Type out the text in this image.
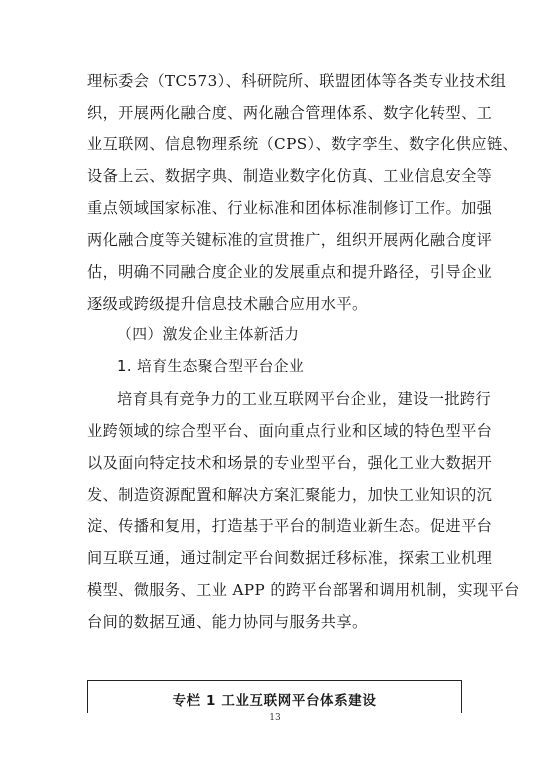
理标委会（TC573）、科研院所、联盟团体等各类专业技术组
织，开展两化融合度、两化融合管理体系、数字化转型、工
业互联网、信息物理系统（CPS）、数字孪生、数字化供应链、
设备上云、数据字典、制造业数字化仿真、工业信息安全等
重点领域国家标准、行业标准和团体标准制修订工作。加强
两化融合度等关键标准的宣贯推广，组织开展两化融合度评
估，明确不同融合度企业的发展重点和提升路径，引导企业
逐级或跨级提升信息技术融合应用水平。
（四）激发企业主体新活力
1. 培育生态聚合型平台企业
培育具有竞争力的工业互联网平台企业，建设一批跨行
业跨领域的综合型平台、面向重点行业和区域的特色型平台
以及面向特定技术和场景的专业型平台，强化工业大数据开
发、制造资源配置和解决方案汇聚能力，加快工业知识的沉
淀、传播和复用，打造基于平台的制造业新生态。促进平台
间互联互通，通过制定平台间数据迁移标准，探索工业机理
模型、微服务、工业 APP 的跨平台部署和调用机制，实现平台
台间的数据互通、能力协同与服务共享。
专栏 1 工业互联网平台体系建设
13
